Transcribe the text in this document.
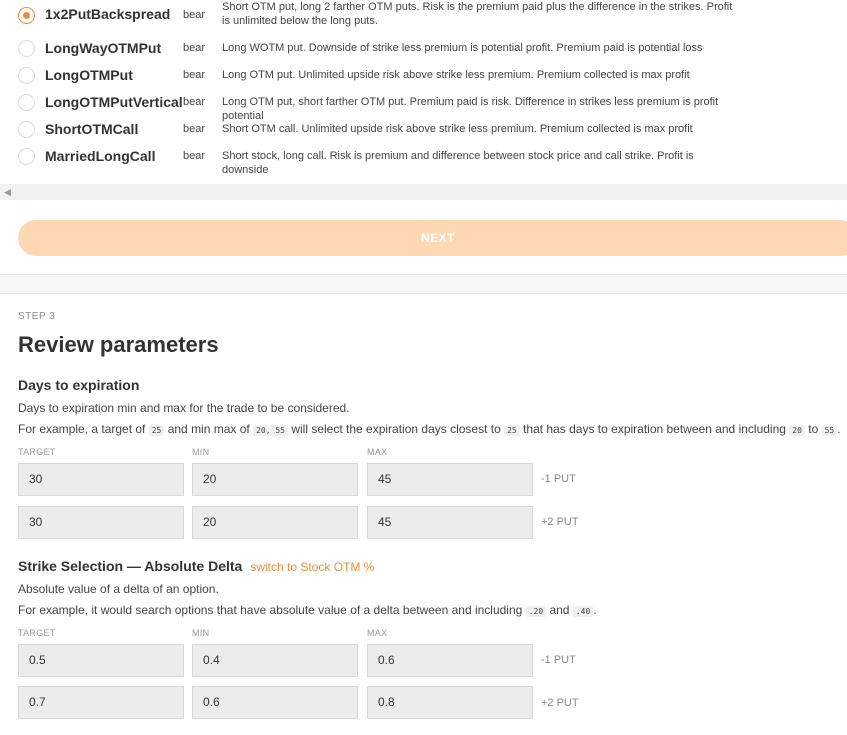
1x2PutBackspread bear
Short OTM put, long 2 farther OTM puts. Risk is the premium paid plus the difference in the strikes. Profit is unlimited below the long puts.
LongWayOTMPut bear Long WOTM put. Downside of strike less premium is potential profit. Premium paid is potential loss
LongOTMPut	bear Long OTM put. Unlimited upside risk above strike less premium. Premium collected is max profit
LongOTMPutVertical bear Long OTM put, short farther OTM put. Premium paid is risk. Difference in strikes less premium is profit potential
ShortOTMCall	bear Short OTM call. Unlimited upside risk above strike less premium. Premium collected is max profit
MarriedLongCall	bear Short stock, long call. Risk is premium and difference between stock price and call strike. Profit is downside
◀
NEXT
STEP 3
Review parameters
Days to expiration
Days to expiration min and max for the trade to be considered.
For example, a target of 25 and min max of 20, 55 will select the expiration days closest to 25 that has days to expiration between and including 20 to 55 .
TARGET	MIN	MAX
30	20	45	-1 PUT
30	20	45	+2 PUT
Strike Selection — Absolute Delta switch to Stock OTM %
Absolute value of a delta of an option.
For example, it would search options that have absolute value of a delta between and including .20 and .40 .
TARGET	MIN	MAX
0.5	0.4	0.6	-1 PUT
0.7	0.6	0.8	+2 PUT
